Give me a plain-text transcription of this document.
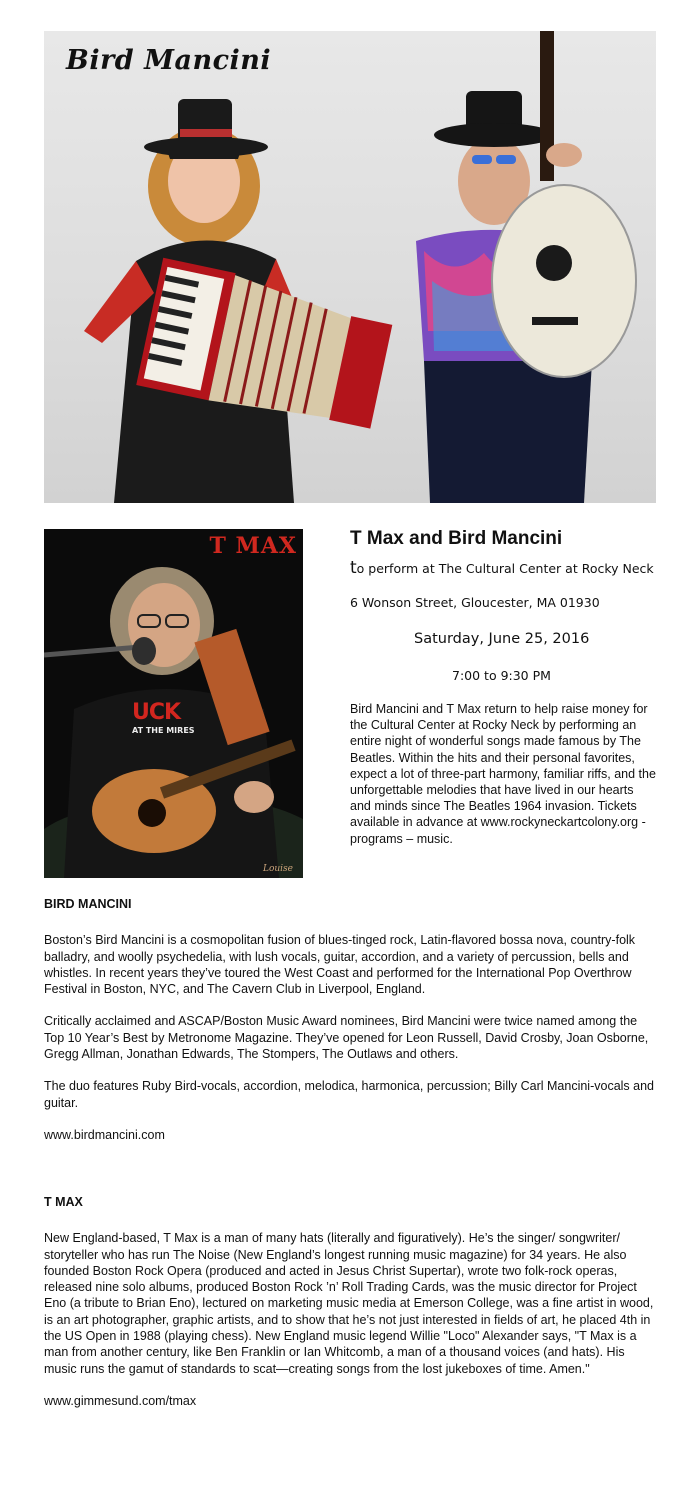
Bird Mancini
T MAX
UCK
AT THE MIRES
Louise
T Max and Bird Mancini
to perform at The Cultural Center at Rocky Neck
6 Wonson Street, Gloucester, MA 01930
Saturday, June 25, 2016
7:00 to 9:30 PM

Bird Mancini and T Max return to help raise money for the Cultural Center at Rocky Neck by performing an entire night of wonderful songs made famous by The Beatles. Within the hits and their personal favorites, expect a lot of three-part harmony, familiar riffs, and the unforgettable melodies that have lived in our hearts and minds since The Beatles 1964 invasion. Tickets available in advance at www.rockyneckartcolony.org - programs – music.

BIRD MANCINI

Boston’s Bird Mancini is a cosmopolitan fusion of blues-tinged rock, Latin-flavored bossa nova, country-folk balladry, and woolly psychedelia, with lush vocals, guitar, accordion, and a variety of percussion, bells and whistles. In recent years they’ve toured the West Coast and performed for the International Pop Overthrow Festival in Boston, NYC, and The Cavern Club in Liverpool, England.

Critically acclaimed and ASCAP/Boston Music Award nominees, Bird Mancini were twice named among the Top 10 Year’s Best by Metronome Magazine. They’ve opened for Leon Russell, David Crosby, Joan Osborne, Gregg Allman, Jonathan Edwards, The Stompers, The Outlaws and others.

The duo features Ruby Bird-vocals, accordion, melodica, harmonica, percussion; Billy Carl Mancini-vocals and guitar.

www.birdmancini.com

T MAX

New England-based, T Max is a man of many hats (literally and figuratively). He’s the singer/ songwriter/ storyteller who has run The Noise (New England’s longest running music magazine) for 34 years. He also founded Boston Rock Opera (produced and acted in Jesus Christ Supertar), wrote two folk-rock operas, released nine solo albums, produced Boston Rock ’n’ Roll Trading Cards, was the music director for Project Eno (a tribute to Brian Eno), lectured on marketing music media at Emerson College, was a fine artist in wood, is an art photographer, graphic artists, and to show that he’s not just interested in fields of art, he placed 4th in the US Open in 1988 (playing chess). New England music legend Willie "Loco" Alexander says, "T Max is a man from another century, like Ben Franklin or Ian Whitcomb, a man of a thousand voices (and hats). His music runs the gamut of standards to scat—creating songs from the lost jukeboxes of time. Amen."

www.gimmesund.com/tmax
